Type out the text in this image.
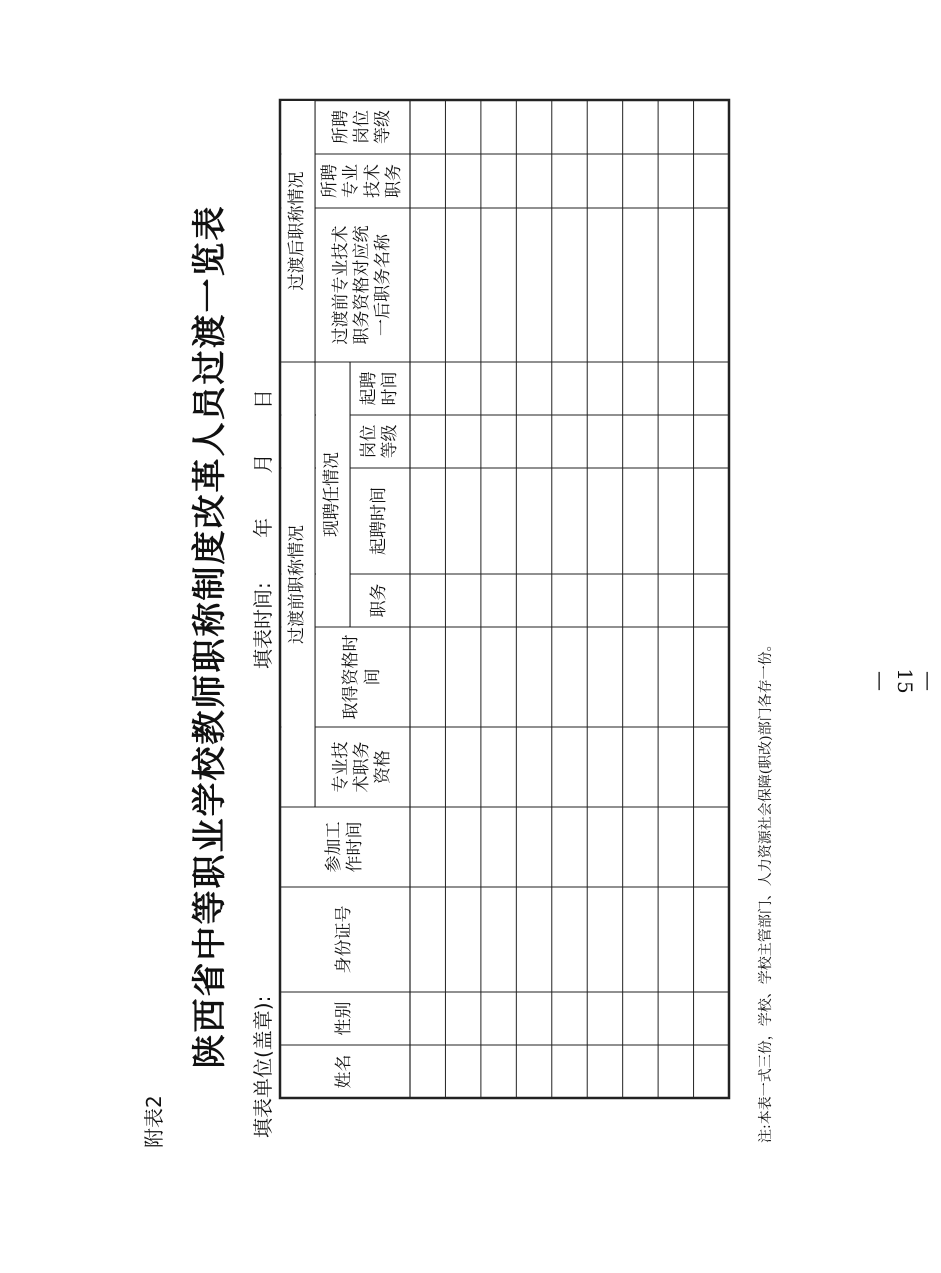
附表2
陕西省中等职业学校教师职称制度改革人员过渡一览表 填表单位(盖章):
填表时间: 年 月 日
姓名
性别
身份证号
参加工作时间
过渡前职称情况
专业技术职务资格
取得资格时间
现聘任情况
职务
起聘时间
岗位等级
起聘时间
过渡后职称情况	过渡前专业技术职务资格对应统一后职务名称
所聘专业技术职务
所聘岗位等级
注:本表一式三份，学校、学校主管部门、人力资源社会保障(职改)部门各存一份。	— 15 —
